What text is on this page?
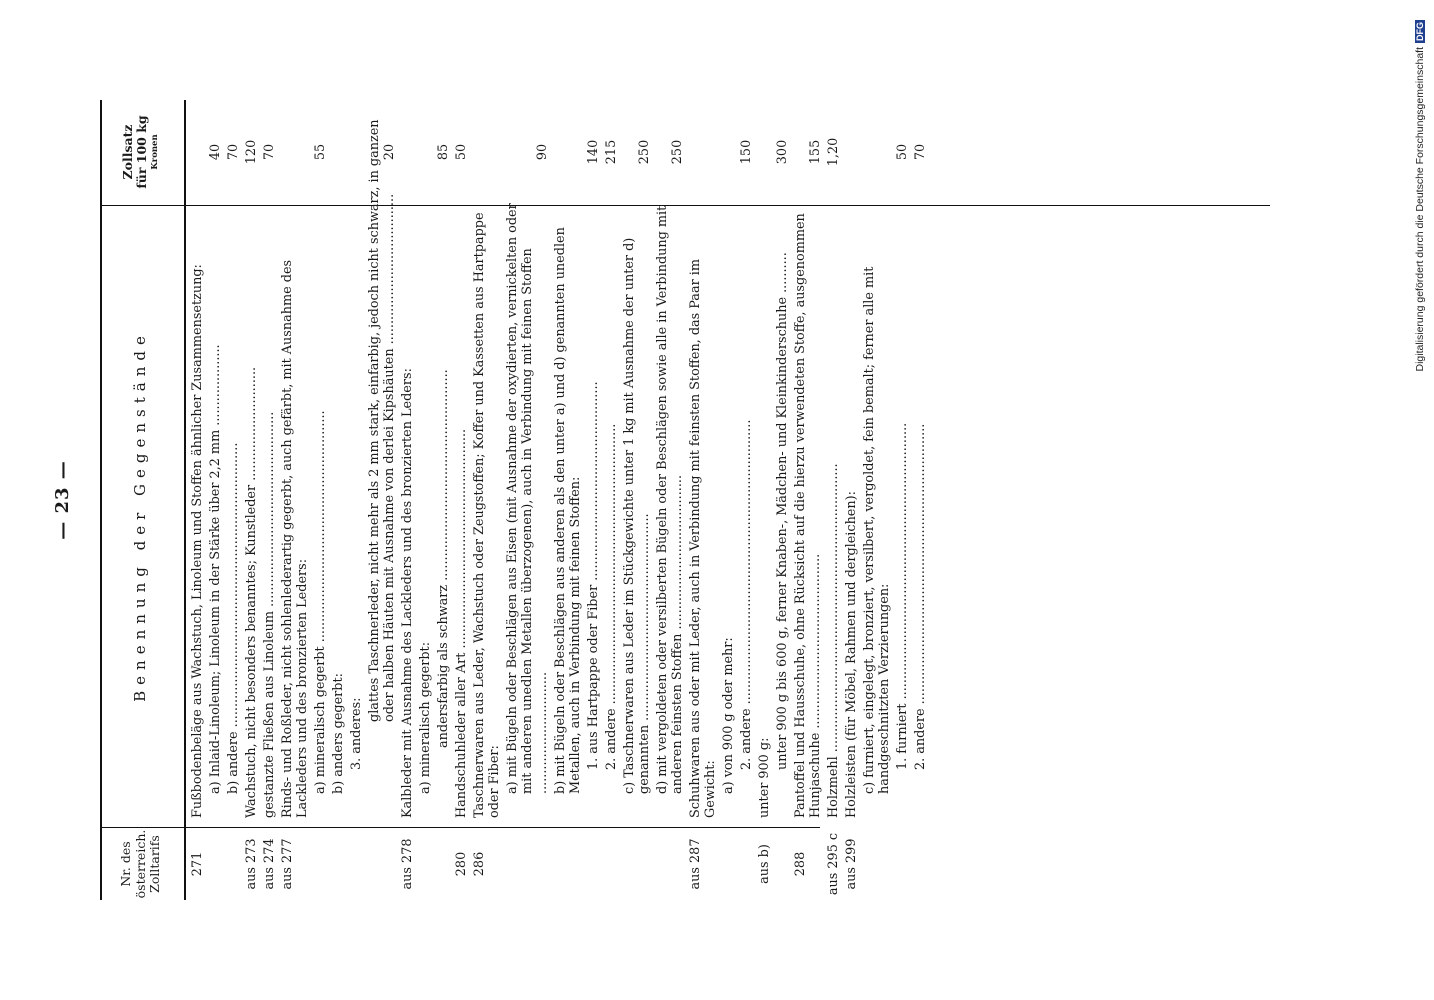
— 23 —
Nr. des österreich. Zolltarifs
Benennung der Gegenstände
Zollsatz für 100 kg Kronen
271
Fußbodenbeläge aus Wachstuch, Linoleum und Stoffen ähnlicher Zusammensetzung: a) Inlaid-Linoleum; Linoleum in der Stärke über 2,2 mm ....................
40
b) andere ......................................................................
70
aus 273
Wachstuch, nicht besonders benanntes; Kunstleder ............................
120
aus 274
gestanzte Fließen aus Linoleum ................................................
70
aus 277
Rinds- und Roßleder, nicht sohlenlederartig gegerbt, auch gefärbt, mit Ausnahme des Lackleders und des bronzierten Leders: a) mineralisch gegerbt .........................................................
55
b) anders gegerbt: 3. anderes:
glattes Taschnerleder, nicht mehr als 2 mm stark, einfarbig, jedoch nicht schwarz, in ganzen oder halben Häuten mit Ausnahme von derlei Kipshäuten .....................................
20
aus 278
Kalbleder mit Ausnahme des Lackleders und des bronzierten Leders: a) mineralisch gegerbt: andersfarbig als schwarz ....................................................
85
280
Handschuhleder aller Art ......................................................
50
286
Taschnerwaren aus Leder, Wachstuch oder Zeugstoffen; Koffer und Kassetten aus Hartpappe oder Fiber: a) mit Bügeln oder Beschlägen aus Eisen (mit Ausnahme der oxydierten, vernickelten oder mit anderen unedlen Metallen überzogenen), auch in Verbindung mit feinen Stoffen ..............................
90
b) mit Bügeln oder Beschlägen aus anderen als den unter a) und d) genannten unedlen Metallen, auch in Verbindung mit feinen Stoffen: 1. aus Hartpappe oder Fiber .................................................
140
2. andere .....................................................................
215
c) Taschnerwaren aus Leder im Stückgewichte unter 1 kg mit Ausnahme der unter d) genannten ...................................................
250
d) mit vergoldeten oder versilberten Bügeln oder Beschlägen sowie alle in Verbindung mit anderen feinsten Stoffen ......................................
250
aus 287
Schuhwaren aus oder mit Leder, auch in Verbindung mit feinsten Stoffen, das Paar im Gewicht: a) von 900 g oder mehr: 2. andere ......................................................................
150
aus b)
unter 900 g:
unter 900 g bis 600 g, ferner Knaben-, Mädchen- und Kleinkinderschuhe ..........
300
288
Pantoffel und Hausschuhe, ohne Rücksicht auf die hierzu verwendeten Stoffe, ausgenommen Hunjaschuhe ...........................................
155
aus 295 c
Holzmehl .......................................................................
1,20
aus 299
Holzleisten (für Möbel, Rahmen und dergleichen): c) furniert, eingelegt, bronziert, versilbert, vergoldet, fein bemalt; ferner alle mit handgeschnitzten Verzierungen: 1. furniert ....................................................................
50
2. andere .....................................................................
70	Digitalisierung gefördert durch die Deutsche ForschungsgemeinschaftDFG
